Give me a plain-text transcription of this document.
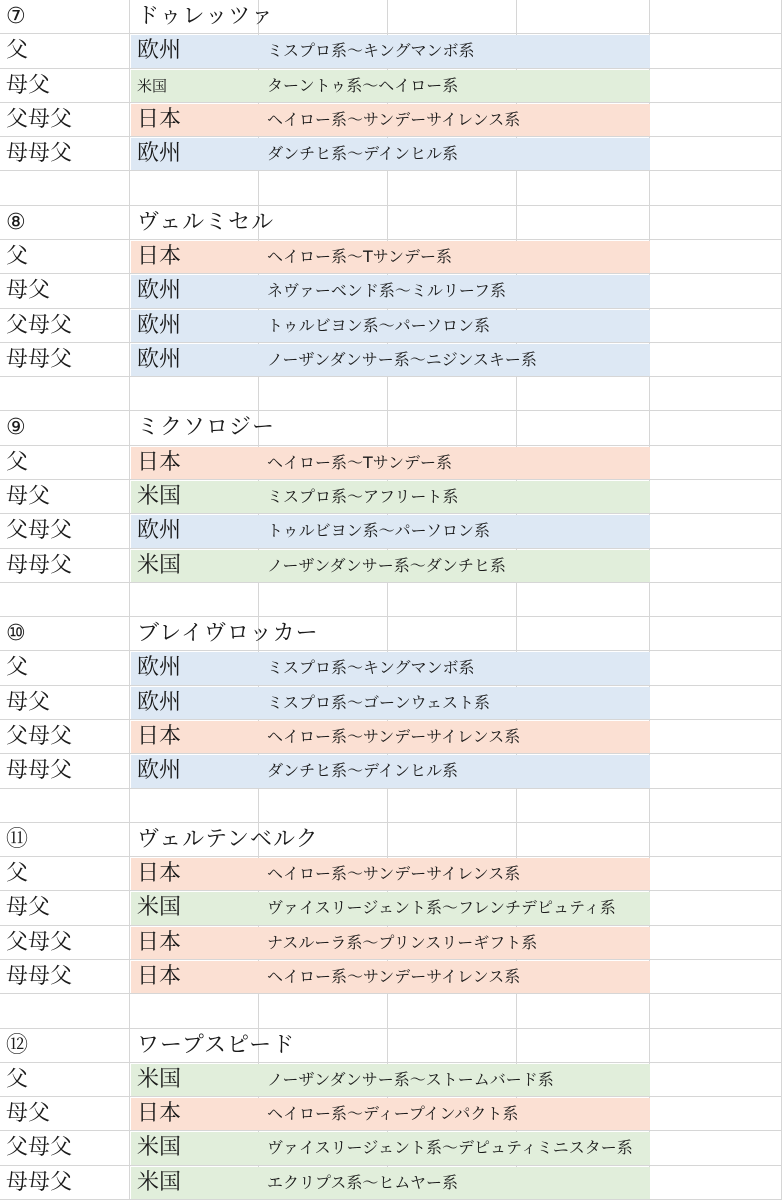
⑦	ドゥレッツァ
父	欧州	ミスプロ系〜キングマンボ系
母父	米国	ターントゥ系〜ヘイロー系
父母父	日本	ヘイロー系〜サンデーサイレンス系
母母父	欧州	ダンチヒ系〜デインヒル系
⑧	ヴェルミセル
父	日本	ヘイロー系〜Tサンデー系
母父	欧州	ネヴァーベンド系〜ミルリーフ系
父母父	欧州	トゥルビヨン系〜パーソロン系
母母父	欧州	ノーザンダンサー系〜ニジンスキー系
⑨	ミクソロジー
父	日本	ヘイロー系〜Tサンデー系
母父	米国	ミスプロ系〜アフリート系
父母父	欧州	トゥルビヨン系〜パーソロン系
母母父	米国	ノーザンダンサー系〜ダンチヒ系
⑩	ブレイヴロッカー
父	欧州	ミスプロ系〜キングマンボ系
母父	欧州	ミスプロ系〜ゴーンウェスト系
父母父	日本	ヘイロー系〜サンデーサイレンス系
母母父	欧州	ダンチヒ系〜デインヒル系
⑪	ヴェルテンベルク
父	日本	ヘイロー系〜サンデーサイレンス系
母父	米国	ヴァイスリージェント系〜フレンチデピュティ系
父母父	日本	ナスルーラ系〜プリンスリーギフト系
母母父	日本	ヘイロー系〜サンデーサイレンス系
⑫	ワープスピード
父	米国	ノーザンダンサー系〜ストームバード系
母父	日本	ヘイロー系〜ディープインパクト系
父母父	米国	ヴァイスリージェント系〜デピュティミニスター系
母母父	米国	エクリプス系〜ヒムヤー系
